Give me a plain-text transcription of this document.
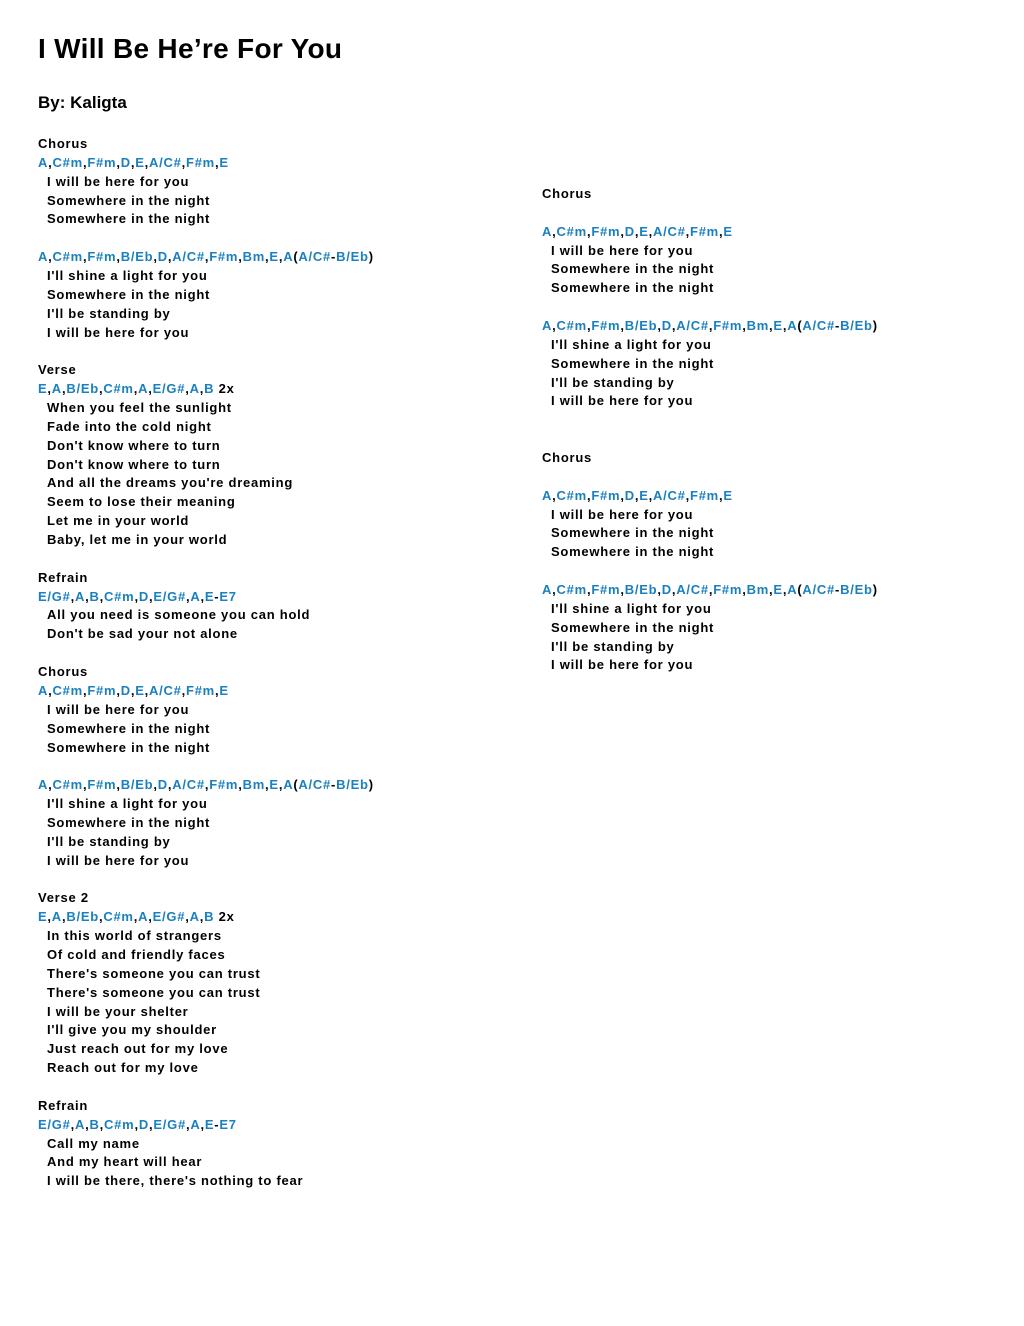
I Will Be He’re For You
By: Kaligta
Chorus
A,C#m,F#m,D,E,A/C#,F#m,E
I will be here for you
Somewhere in the night
Somewhere in the night
A,C#m,F#m,B/Eb,D,A/C#,F#m,Bm,E,A(A/C#-B/Eb)
I'll shine a light for you
Somewhere in the night
I'll be standing by
I will be here for you
Verse
E,A,B/Eb,C#m,A,E/G#,A,B 2x
When you feel the sunlight
Fade into the cold night
Don't know where to turn
Don't know where to turn
And all the dreams you're dreaming
Seem to lose their meaning
Let me in your world
Baby, let me in your world
Refrain
E/G#,A,B,C#m,D,E/G#,A,E-E7
All you need is someone you can hold
Don't be sad your not alone
Chorus
A,C#m,F#m,D,E,A/C#,F#m,E
I will be here for you
Somewhere in the night
Somewhere in the night
A,C#m,F#m,B/Eb,D,A/C#,F#m,Bm,E,A(A/C#-B/Eb)
I'll shine a light for you
Somewhere in the night
I'll be standing by
I will be here for you
Verse 2
E,A,B/Eb,C#m,A,E/G#,A,B 2x
In this world of strangers
Of cold and friendly faces
There's someone you can trust
There's someone you can trust
I will be your shelter
I'll give you my shoulder
Just reach out for my love
Reach out for my love
Refrain
E/G#,A,B,C#m,D,E/G#,A,E-E7
Call my name
And my heart will hear
I will be there, there's nothing to fear
Chorus
A,C#m,F#m,D,E,A/C#,F#m,E
I will be here for you
Somewhere in the night
Somewhere in the night
A,C#m,F#m,B/Eb,D,A/C#,F#m,Bm,E,A(A/C#-B/Eb)
I'll shine a light for you
Somewhere in the night
I'll be standing by
I will be here for you
Chorus
A,C#m,F#m,D,E,A/C#,F#m,E
I will be here for you
Somewhere in the night
Somewhere in the night
A,C#m,F#m,B/Eb,D,A/C#,F#m,Bm,E,A(A/C#-B/Eb)
I'll shine a light for you
Somewhere in the night
I'll be standing by
I will be here for you
